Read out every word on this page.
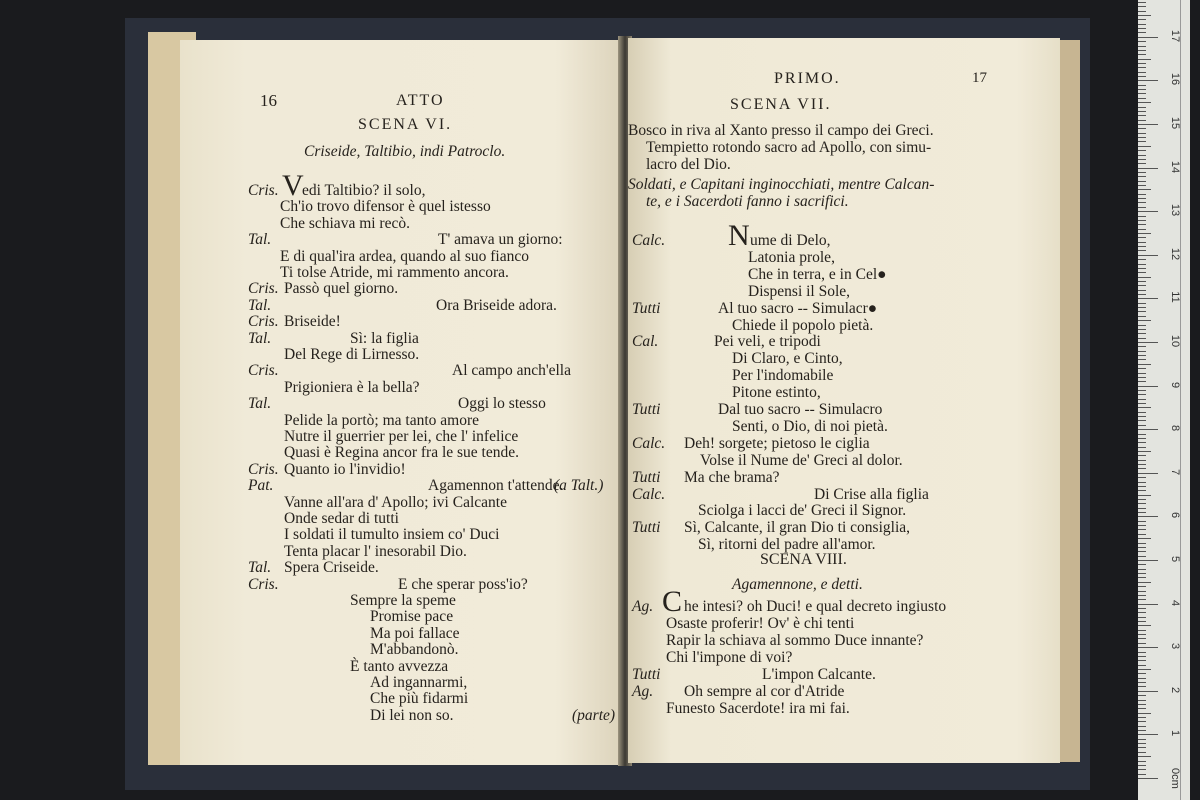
16	ATTO
SCENA VI.
Criseide, Taltibio, indi Patroclo.
Cris. V
edi Taltibio? il solo,
Ch'io trovo difensor è quel istesso
Che schiava mi recò.
Tal.	T' amava un giorno:
E di qual'ira ardea, quando al suo fianco
Ti tolse Atride, mi rammento ancora.
Cris. Passò quel giorno.
Tal.	Ora Briseide adora.
Cris. Briseide!
Tal.	Sì: la figlia
Del Rege di Lirnesso.
Cris.	Al campo anch'ella
Prigioniera è la bella?
Tal.	Oggi lo stesso
Pelide la portò; ma tanto amore
Nutre il guerrier per lei, che l' infelice
Quasi è Regina ancor fra le sue tende.
Cris. Quanto io l'invidio!
Pat.	Agamennon t'attende.
(a Talt.)
Vanne all'ara d' Apollo; ivi Calcante
Onde sedar di tutti
I soldati il tumulto insiem co' Duci
Tenta placar l' inesorabil Dio.
Tal. Spera Criseide.
Cris.	E che sperar poss'io?
Sempre la speme
Promise pace
Ma poi fallace
M'abbandonò.
È tanto avvezza
Ad ingannarmi,
Che più fidarmi
Di lei non so.	(parte)
PRIMO.	17
SCENA VII.
Bosco in riva al Xanto presso il campo dei Greci.
Tempietto rotondo sacro ad Apollo, con simu-
lacro del Dio.
Soldati, e Capitani inginocchiati, mentre Calcan-
te, e i Sacerdoti fanno i sacrifici.
Calc. N ume di Delo,
Latonia prole,
Che in terra, e in Cel●
Dispensi il Sole,
Tutti	Al tuo sacro -- Simulacr●
Chiede il popolo pietà.
Cal.	Pei veli, e tripodi
Di Claro, e Cinto,
Per l'indomabile
Pitone estinto,
Tutti	Dal tuo sacro -- Simulacro
Senti, o Dio, di noi pietà.
Calc. Deh! sorgete; pietoso le ciglia
Volse il Nume de' Greci al dolor.
Tutti Ma che brama?
Calc.	Di Crise alla figlia
Sciolga i lacci de' Greci il Signor.
Tutti Sì, Calcante, il gran Dio ti consiglia,
Sì, ritorni del padre all'amor.
SCENA VIII.
Agamennone, e detti.
Ag. C he intesi? oh Duci! e qual decreto ingiusto
Osaste proferir! Ov' è chi tenti
Rapir la schiava al sommo Duce innante?
Chi l'impone di voi?
Tutti	L'impon Calcante.
Ag. Oh sempre al cor d'Atride
Funesto Sacerdote! ira mi fai.
0cm
1
2
3
4
5
6
7
8
9
10
11
12
13
14
15
16
17
